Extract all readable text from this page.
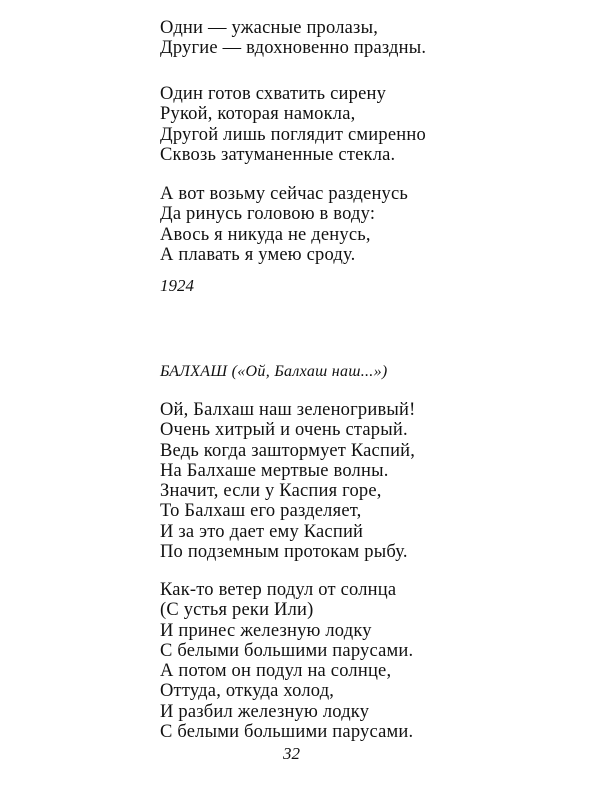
Одни — ужасные пролазы,
Другие — вдохновенно праздны.
Один готов схватить сирену
Рукой, которая намокла,
Другой лишь поглядит смиренно
Сквозь затуманенные стекла.
А вот возьму сейчас разденусь
Да ринусь головою в воду:
Авось я никуда не денусь,
А плавать я умею сроду.

1924

БАЛХАШ («Ой, Балхаш наш...»)

Ой, Балхаш наш зеленогривый!
Очень хитрый и очень старый.
Ведь когда заштормует Каспий,
На Балхаше мертвые волны.
Значит, если у Каспия горе,
То Балхаш его разделяет,
И за это дает ему Каспий
По подземным протокам рыбу.
Как-то ветер подул от солнца
(С устья реки Или)
И принес железную лодку
С белыми большими парусами.
А потом он подул на солнце,
Оттуда, откуда холод,
И разбил железную лодку
С белыми большими парусами.

32
